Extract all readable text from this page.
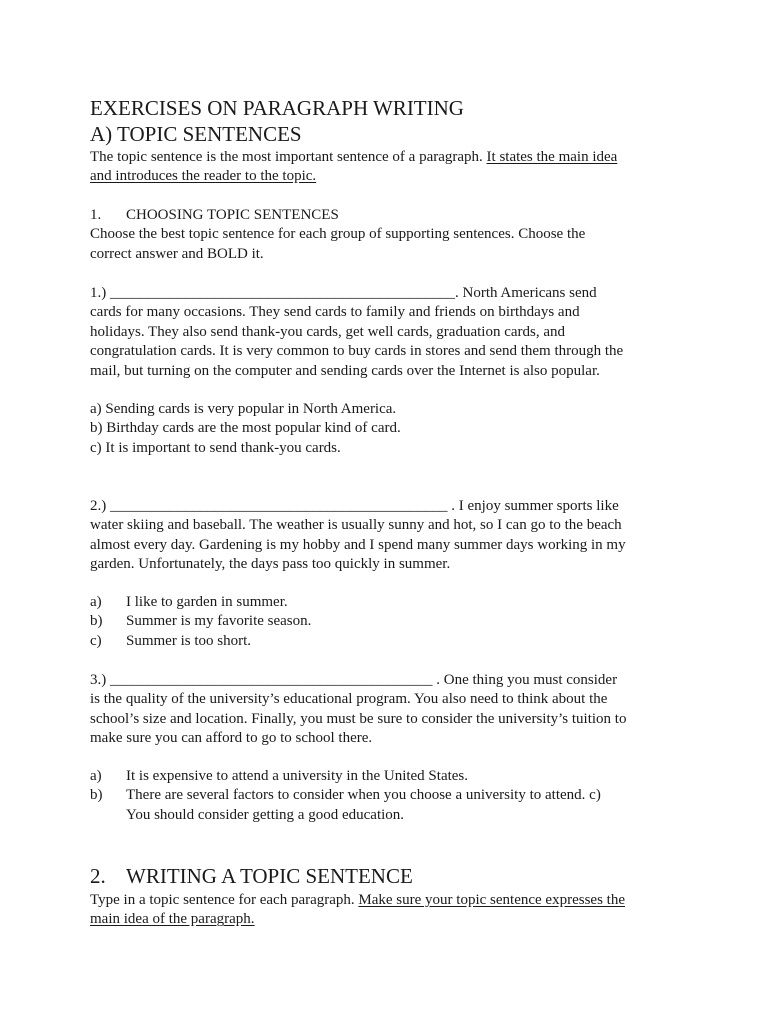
EXERCISES ON PARAGRAPH WRITING
A) TOPIC SENTENCES
The topic sentence is the most important sentence of a paragraph. It states the main idea
and introduces the reader to the topic.
1.	CHOOSING TOPIC SENTENCES
Choose the best topic sentence for each group of supporting sentences. Choose the
correct answer and BOLD it.
1.) ______________________________________________. North Americans send
cards for many occasions. They send cards to family and friends on birthdays and
holidays. They also send thank-you cards, get well cards, graduation cards, and
congratulation cards. It is very common to buy cards in stores and send them through the
mail, but turning on the computer and sending cards over the Internet is also popular.
a) Sending cards is very popular in North America.
b) Birthday cards are the most popular kind of card.
c) It is important to send thank-you cards.
2.) _____________________________________________ . I enjoy summer sports like
water skiing and baseball. The weather is usually sunny and hot, so I can go to the beach
almost every day. Gardening is my hobby and I spend many summer days working in my
garden. Unfortunately, the days pass too quickly in summer.
a)	I like to garden in summer.
b)	Summer is my favorite season.
c)	Summer is too short.
3.) ___________________________________________ . One thing you must consider
is the quality of the university’s educational program. You also need to think about the
school’s size and location. Finally, you must be sure to consider the university’s tuition to
make sure you can afford to go to school there.
a)	It is expensive to attend a university in the United States.
b)	There are several factors to consider when you choose a university to attend. c)
You should consider getting a good education.
2. WRITING A TOPIC SENTENCE
Type in a topic sentence for each paragraph. Make sure your topic sentence expresses the
main idea of the paragraph.
